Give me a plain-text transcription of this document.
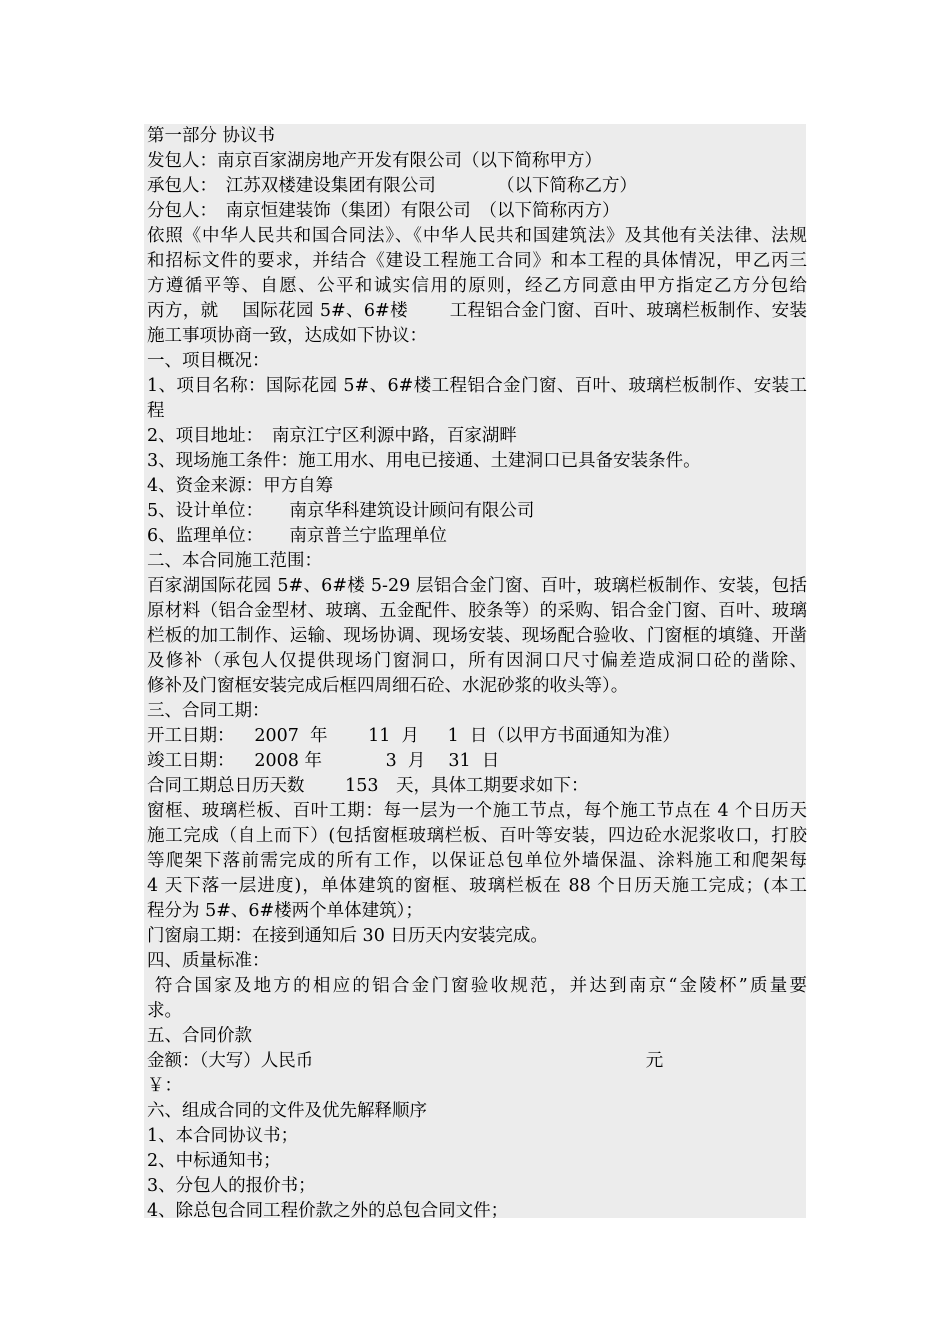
第一部分 协议书
发包人：南京百家湖房地产开发有限公司（以下简称甲方）
承包人：　江苏双楼建设集团有限公司　　　　（以下简称乙方）
分包人：　南京恒建装饰（集团）有限公司　（以下简称丙方）
依照《中华人民共和国合同法》、《中华人民共和国建筑法》及其他有关法律、法规
和招标文件的要求，并结合《建设工程施工合同》和本工程的具体情况，甲乙丙三
方遵循平等、自愿、公平和诚实信用的原则，经乙方同意由甲方指定乙方分包给
丙方，就　 国际花园 5#、6#楼　　 工程铝合金门窗、百叶、玻璃栏板制作、安装
施工事项协商一致，达成如下协议：
一、项目概况：
1、项目名称：国际花园 5#、6#楼工程铝合金门窗、百叶、玻璃栏板制作、安装工
程
2、项目地址：　南京江宁区利源中路，百家湖畔
3、现场施工条件：施工用水、用电已接通、土建洞口已具备安装条件。
4、资金来源：甲方自筹
5、设计单位：　　南京华科建筑设计顾问有限公司
6、监理单位：　　南京普兰宁监理单位
二、本合同施工范围：
百家湖国际花园 5#、6#楼 5-29 层铝合金门窗、百叶，玻璃栏板制作、安装，包括
原材料（铝合金型材、玻璃、五金配件、胶条等）的采购、铝合金门窗、百叶、玻璃
栏板的加工制作、运输、现场协调、现场安装、现场配合验收、门窗框的填缝、开凿
及修补（承包人仅提供现场门窗洞口，所有因洞口尺寸偏差造成洞口砼的凿除、
修补及门窗框安装完成后框四周细石砼、水泥砂浆的收头等）。
三、合同工期：
开工日期：　  2007  年　　 11  月　  1  日（以甲方书面通知为准）
竣工日期：　  2008 年　　　  3  月　 31  日
合同工期总日历天数　　 153　天，具体工期要求如下：
窗框、玻璃栏板、百叶工期：每一层为一个施工节点，每个施工节点在 4 个日历天
施工完成（自上而下）(包括窗框玻璃栏板、百叶等安装，四边砼水泥浆收口，打胶
等爬架下落前需完成的所有工作，以保证总包单位外墙保温、涂料施工和爬架每
4 天下落一层进度)，单体建筑的窗框、玻璃栏板在 88 个日历天施工完成；(本工
程分为 5#、6#楼两个单体建筑）；
门窗扇工期：在接到通知后 30 日历天内安装完成。
四、质量标准：
符合国家及地方的相应的铝合金门窗验收规范，并达到南京“金陵杯”质量要
求。
五、合同价款
金额：（大写）人民币　　　　　　　　　　　　　　　　　　　元
￥：
六、组成合同的文件及优先解释顺序
1、本合同协议书；
2、中标通知书；
3、分包人的报价书；
4、除总包合同工程价款之外的总包合同文件；
